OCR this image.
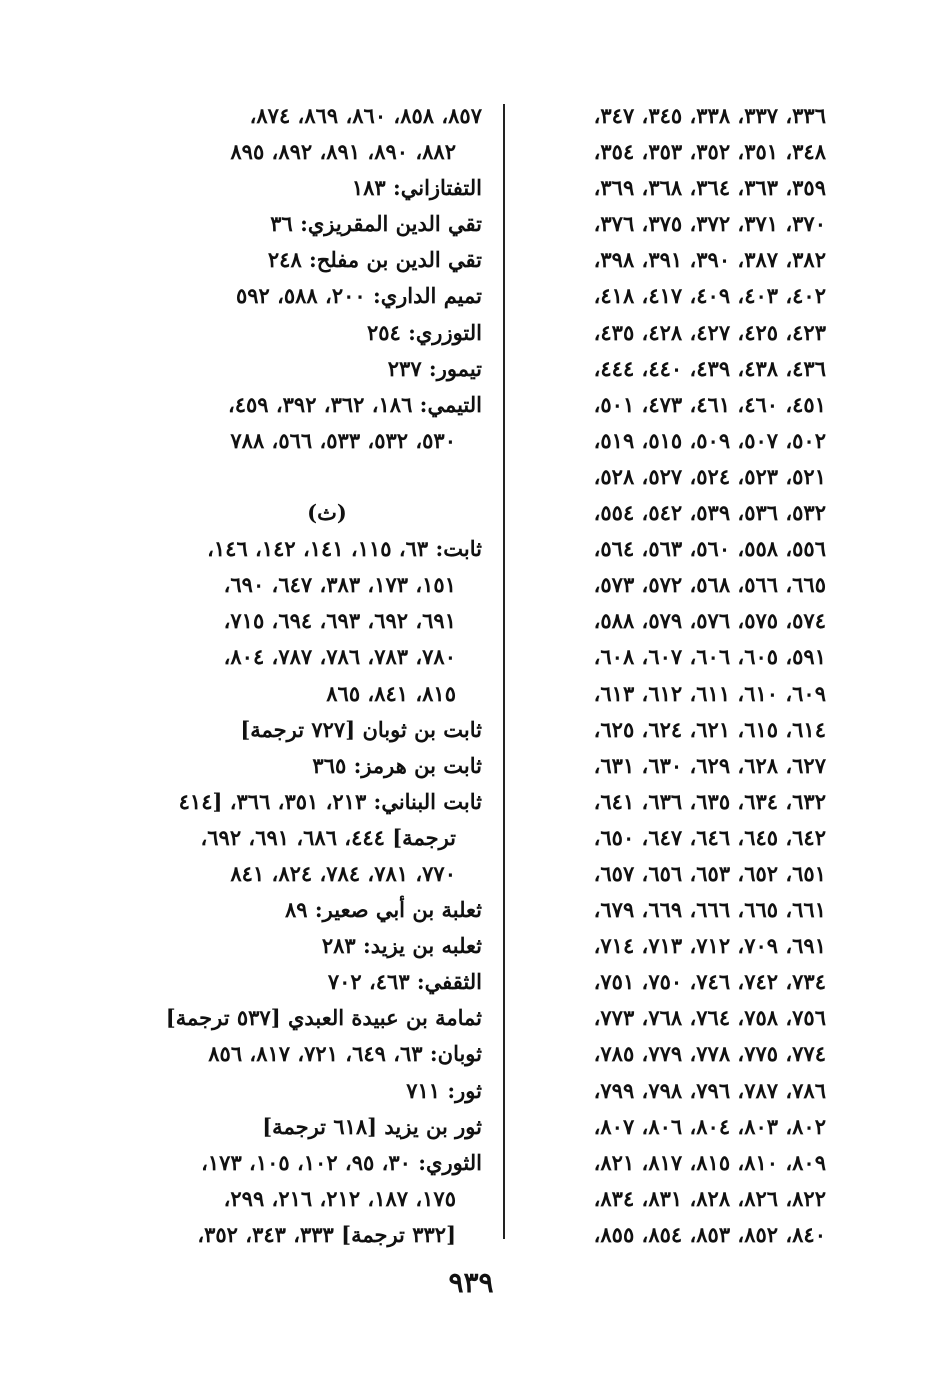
٣٣٦، ٣٣٧، ٣٣٨، ٣٤٥، ٣٤٧،
٣٤٨، ٣٥١، ٣٥٢، ٣٥٣، ٣٥٤،
٣٥٩، ٣٦٣، ٣٦٤، ٣٦٨، ٣٦٩،
٣٧٠، ٣٧١، ٣٧٢، ٣٧٥، ٣٧٦،
٣٨٢، ٣٨٧، ٣٩٠، ٣٩١، ٣٩٨،
٤٠٢، ٤٠٣، ٤٠٩، ٤١٧، ٤١٨،
٤٢٣، ٤٢٥، ٤٢٧، ٤٢٨، ٤٣٥،
٤٣٦، ٤٣٨، ٤٣٩، ٤٤٠، ٤٤٤،
٤٥١، ٤٦٠، ٤٦١، ٤٧٣، ٥٠١،
٥٠٢، ٥٠٧، ٥٠٩، ٥١٥، ٥١٩،
٥٢١، ٥٢٣، ٥٢٤، ٥٢٧، ٥٢٨،
٥٣٢، ٥٣٦، ٥٣٩، ٥٤٢، ٥٥٤،
٥٥٦، ٥٥٨، ٥٦٠، ٥٦٣، ٥٦٤،
٦٦٥، ٥٦٦، ٥٦٨، ٥٧٢، ٥٧٣،
٥٧٤، ٥٧٥، ٥٧٦، ٥٧٩، ٥٨٨،
٥٩١، ٦٠٥، ٦٠٦، ٦٠٧، ٦٠٨،
٦٠٩، ٦١٠، ٦١١، ٦١٢، ٦١٣،
٦١٤، ٦١٥، ٦٢١، ٦٢٤، ٦٢٥،
٦٢٧، ٦٢٨، ٦٢٩، ٦٣٠، ٦٣١،
٦٣٢، ٦٣٤، ٦٣٥، ٦٣٦، ٦٤١،
٦٤٢، ٦٤٥، ٦٤٦، ٦٤٧، ٦٥٠،
٦٥١، ٦٥٢، ٦٥٣، ٦٥٦، ٦٥٧،
٦٦١، ٦٦٥، ٦٦٦، ٦٦٩، ٦٧٩،
٦٩١، ٧٠٩، ٧١٢، ٧١٣، ٧١٤،
٧٣٤، ٧٤٢، ٧٤٦، ٧٥٠، ٧٥١،
٧٥٦، ٧٥٨، ٧٦٤، ٧٦٨، ٧٧٣،
٧٧٤، ٧٧٥، ٧٧٨، ٧٧٩، ٧٨٥،
٧٨٦، ٧٨٧، ٧٩٦، ٧٩٨، ٧٩٩،
٨٠٢، ٨٠٣، ٨٠٤، ٨٠٦، ٨٠٧،
٨٠٩، ٨١٠، ٨١٥، ٨١٧، ٨٢١،
٨٢٢، ٨٢٦، ٨٢٨، ٨٣١، ٨٣٤،
٨٤٠، ٨٥٢، ٨٥٣، ٨٥٤، ٨٥٥،
٨٥٧، ٨٥٨، ٨٦٠، ٨٦٩، ٨٧٤،
٨٨٢، ٨٩٠، ٨٩١، ٨٩٢، ٨٩٥
التفتازاني: ١٨٣
تقي الدين المقريزي: ٣٦
تقي الدين بن مفلح: ٢٤٨
تميم الداري: ٢٠٠، ٥٨٨، ٥٩٢
التوزري: ٢٥٤
تيمور: ٢٣٧
التيمي: ١٨٦، ٣٦٢، ٣٩٢، ٤٥٩،
٥٣٠، ٥٣٢، ٥٣٣، ٥٦٦، ٧٨٨
(ث)
ثابت: ٦٣، ١١٥، ١٤١، ١٤٢، ١٤٦،
١٥١، ١٧٣، ٣٨٣، ٦٤٧، ٦٩٠،
٦٩١، ٦٩٢، ٦٩٣، ٦٩٤، ٧١٥،
٧٨٠، ٧٨٣، ٧٨٦، ٧٨٧، ٨٠٤،
٨١٥، ٨٤١، ٨٦٥
ثابت بن ثوبان [٧٢٧ ترجمة]
ثابت بن هرمز: ٣٦٥
ثابت البناني: ٢١٣، ٣٥١، ٣٦٦، [٤١٤
ترجمة] ٤٤٤، ٦٨٦، ٦٩١، ٦٩٢،
٧٧٠، ٧٨١، ٧٨٤، ٨٢٤، ٨٤١
ثعلبة بن أبي صعير: ٨٩
ثعلبه بن يزيد: ٢٨٣
الثقفي: ٤٦٣، ٧٠٢
ثمامة بن عبيدة العبدي [٥٣٧ ترجمة]
ثوبان: ٦٣، ٦٤٩، ٧٢١، ٨١٧، ٨٥٦
ثور: ٧١١
ثور بن يزيد [٦١٨ ترجمة]
الثوري: ٣٠، ٩٥، ١٠٢، ١٠٥، ١٧٣،
١٧٥، ١٨٧، ٢١٢، ٢١٦، ٢٩٩،
[٣٣٢ ترجمة] ٣٣٣، ٣٤٣، ٣٥٢،
٩٣٩
